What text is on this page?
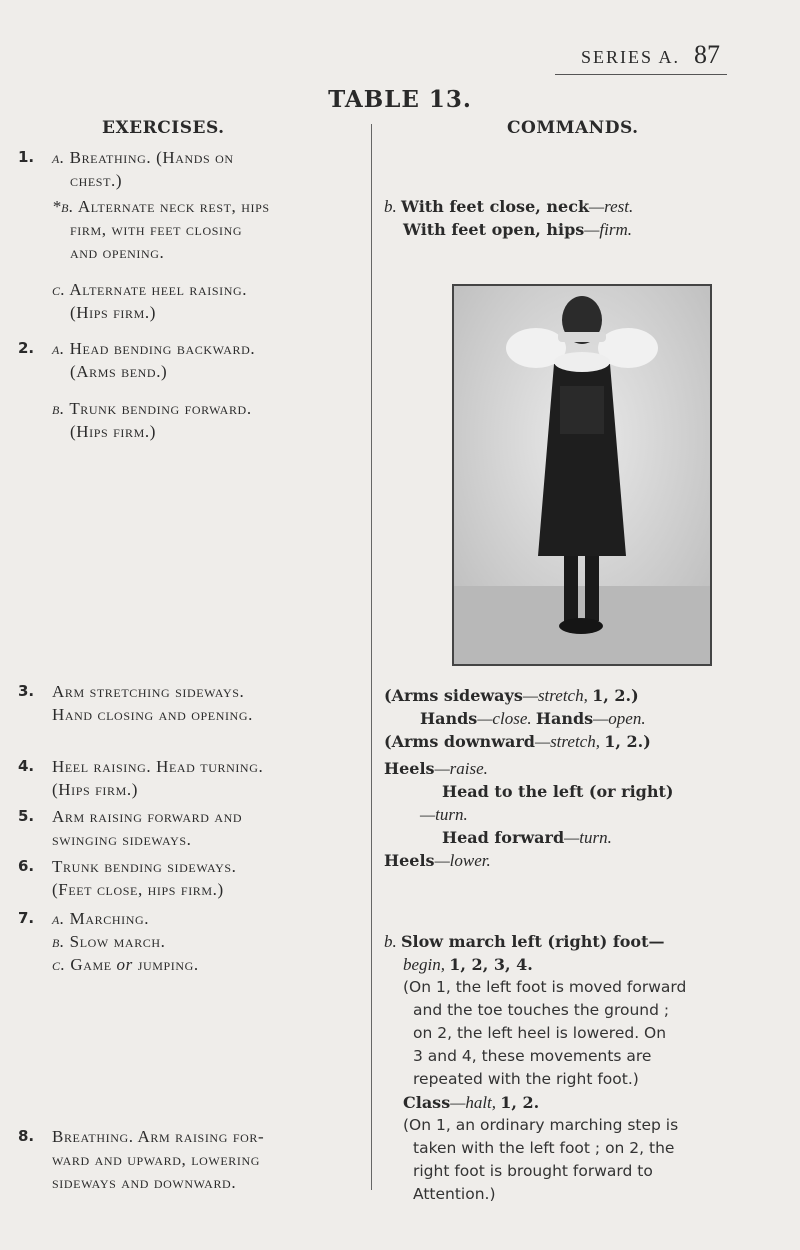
SERIES A. 87
TABLE 13.
EXERCISES.	COMMANDS.
1. a. Breathing. (Hands on
chest.)
*b. Alternate neck rest, hips
firm, with feet closing
and opening.
c. Alternate heel raising.
(Hips firm.)
2. a. Head bending backward.
(Arms bend.)
b. Trunk bending forward.
(Hips firm.)
3. Arm stretching sideways.
Hand closing and opening.
4. Heel raising. Head turning.
(Hips firm.)
5. Arm raising forward and
swinging sideways.
6. Trunk bending sideways.
(Feet close, hips firm.)
7. a. Marching.
b. Slow march.
c. Game or jumping.
8. Breathing. Arm raising for-
ward and upward, lowering
sideways and downward.
b. With feet close, neck—rest.
With feet open, hips—firm.
(Arms sideways—stretch, 1, 2.)
Hands—close. Hands—open.
(Arms downward—stretch, 1, 2.)
Heels—raise.
Head to the left (or right)
—turn.
Head forward—turn.
Heels—lower.
b. Slow march left (right) foot—
begin, 1, 2, 3, 4.
(On 1, the left foot is moved forward
and the toe touches the ground ;
on 2, the left heel is lowered. On
3 and 4, these movements are
repeated with the right foot.)
Class—halt, 1, 2.
(On 1, an ordinary marching step is
taken with the left foot ; on 2, the
right foot is brought forward to
Attention.)
